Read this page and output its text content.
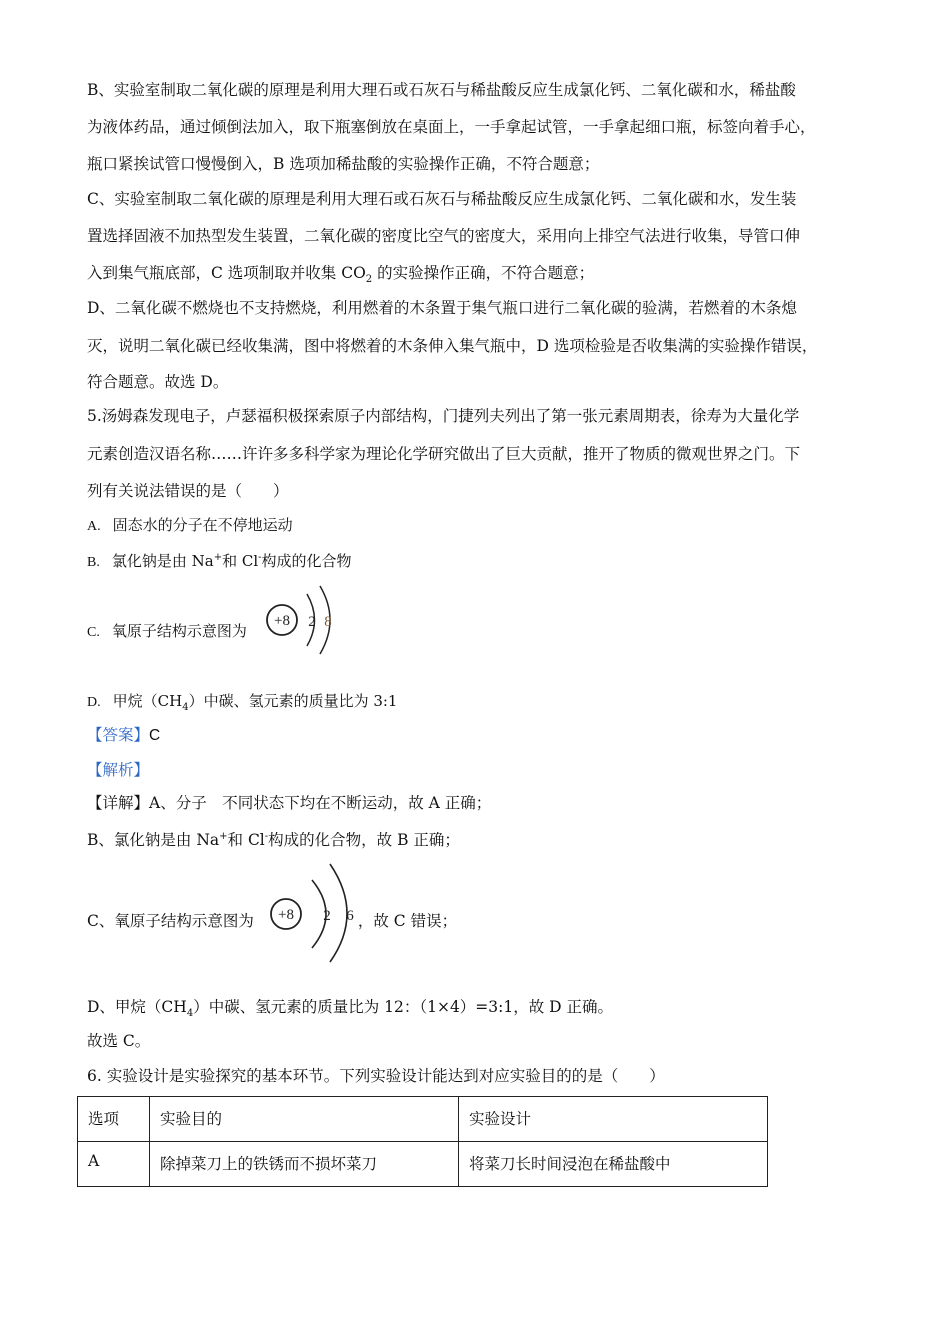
B、实验室制取二氧化碳的原理是利用大理石或石灰石与稀盐酸反应生成氯化钙、二氧化碳和水，稀盐酸
为液体药品，通过倾倒法加入，取下瓶塞倒放在桌面上，一手拿起试管，一手拿起细口瓶，标签向着手心，
瓶口紧挨试管口慢慢倒入，B 选项加稀盐酸的实验操作正确，不符合题意；
C、实验室制取二氧化碳的原理是利用大理石或石灰石与稀盐酸反应生成氯化钙、二氧化碳和水，发生装
置选择固液不加热型发生装置，二氧化碳的密度比空气的密度大，采用向上排空气法进行收集，导管口伸
入到集气瓶底部，C 选项制取并收集 $CO_2$ 的实验操作正确，不符合题意；
D、二氧化碳不燃烧也不支持燃烧，利用燃着的木条置于集气瓶口进行二氧化碳的验满，若燃着的木条熄
灭，说明二氧化碳已经收集满，图中将燃着的木条伸入集气瓶中，D 选项检验是否收集满的实验操作错误，
符合题意。故选 D。
5.汤姆森发现电子，卢瑟福积极探索原子内部结构，门捷列夫列出了第一张元素周期表，徐寿为大量化学
元素创造汉语名称……许许多多科学家为理论化学研究做出了巨大贡献，推开了物质的微观世界之门。下
列有关说法错误的是（　　）
A. 固态水的分子在不停地运动
B. 氯化钠是由 Na+和 Cl-构成的化合物
C. 氧原子结构示意图为
+8 2 8
D. 甲烷$(CH_4)$中碳、氢元素的质量比为 3:1
【答案】C
【解析】
【详解】A、分子　不同状态下均在不断运动，故 A 正确；
B、氯化钠是由 Na+和 Cl-构成的化合物，故 B 正确；
C、氧原子结构示意图为	，故 C 错误；
+8 2 6
D、甲烷$(CH_4)$中碳、氢元素的质量比为 12：（1×4）=3:1，故 D 正确。
故选 C。
6. 实验设计是实验探究的基本环节。下列实验设计能达到对应实验目的的是（　　）
选项	实验目的	实验设计
A	除掉菜刀上的铁锈而不损坏菜刀	将菜刀长时间浸泡在稀盐酸中
